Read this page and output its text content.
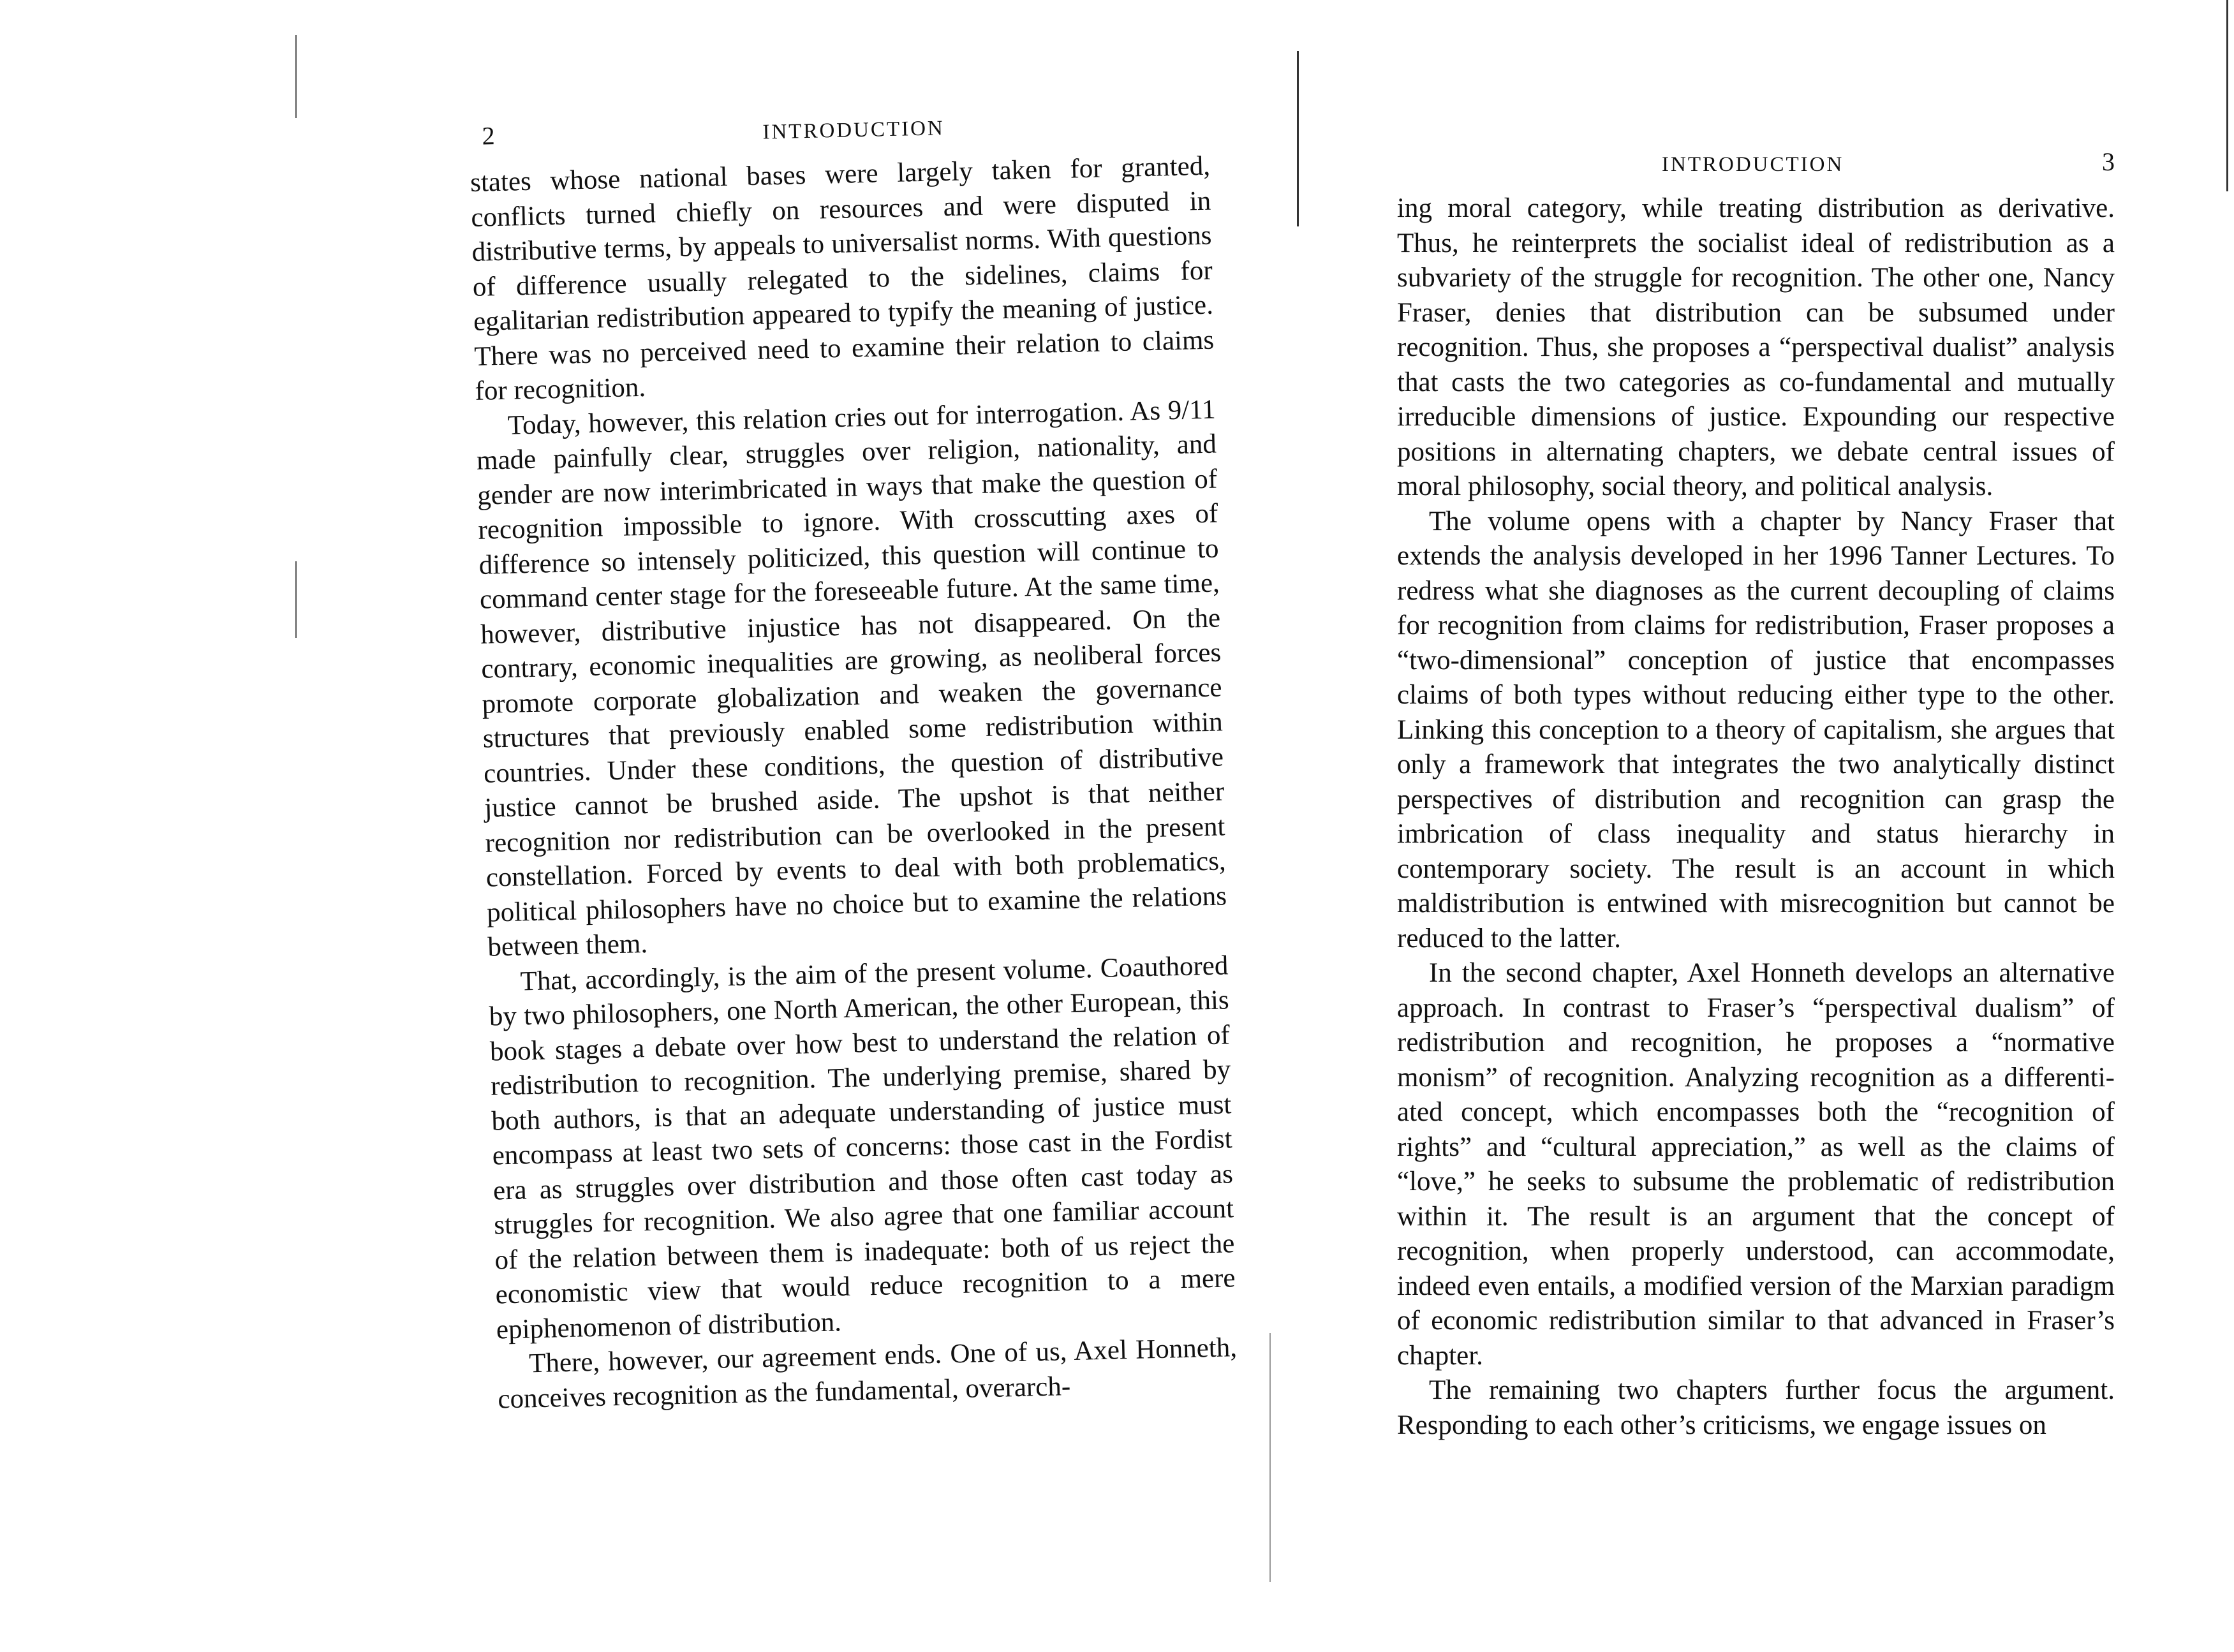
2	INTRODUCTION

states whose national bases were largely taken for granted, conflicts turned chiefly on resources and were disputed in distributive terms, by appeals to universalist norms. With questions of difference usually relegated to the sidelines, claims for egalitarian redistribution appeared to typify the meaning of justice. There was no perceived need to examine their relation to claims for recognition.

Today, however, this relation cries out for interrogation. As 9/11 made painfully clear, struggles over religion, nationality, and gender are now interimbricated in ways that make the question of recognition impossible to ignore. With crosscutting axes of difference so intensely politicized, this question will continue to command center stage for the foreseeable future. At the same time, however, distributive injustice has not disappeared. On the contrary, economic inequalities are growing, as neoliberal forces promote corporate globalization and weaken the governance structures that previously enabled some redistribution within countries. Under these conditions, the question of distributive justice cannot be brushed aside. The upshot is that neither recognition nor redistribution can be overlooked in the present constellation. Forced by events to deal with both problematics, political philosophers have no choice but to examine the relations between them.

That, accordingly, is the aim of the present volume. Coauthored by two philosophers, one North American, the other European, this book stages a debate over how best to understand the relation of redistribution to recognition. The underlying premise, shared by both authors, is that an adequate understanding of justice must encompass at least two sets of concerns: those cast in the Fordist era as struggles over distribution and those often cast today as struggles for recognition. We also agree that one familiar account of the relation between them is inadequate: both of us reject the economistic view that would reduce recognition to a mere epiphenomenon of distribution.

There, however, our agreement ends. One of us, Axel Honneth, conceives recognition as the fundamental, overarch-

INTRODUCTION	3

ing moral category, while treating distribution as derivative. Thus, he reinterprets the socialist ideal of redistribution as a subvariety of the struggle for recognition. The other one, Nancy Fraser, denies that distribution can be subsumed under recognition. Thus, she proposes a “perspectival dualist” analysis that casts the two categories as co-fundamental and mutually irreducible dimensions of justice. Expounding our respective positions in alternating chapters, we debate central issues of moral philosophy, social theory, and political analysis.

The volume opens with a chapter by Nancy Fraser that extends the analysis developed in her 1996 Tanner Lectures. To redress what she diagnoses as the current decoupling of claims for recognition from claims for redistribution, Fraser proposes a “two-dimensional” conception of justice that encompasses claims of both types without reducing either type to the other. Linking this conception to a theory of capitalism, she argues that only a framework that integrates the two analytically distinct perspectives of distribution and recognition can grasp the imbrication of class inequality and status hierarchy in contemporary society. The result is an account in which maldistribution is entwined with misrecognition but cannot be reduced to the latter.

In the second chapter, Axel Honneth develops an alternative approach. In contrast to Fraser’s “perspectival dualism” of redistribution and recognition, he proposes a “normative monism” of recognition. Analyzing recognition as a differentiated concept, which encompasses both the “recognition of rights” and “cultural appreciation,” as well as the claims of “love,” he seeks to subsume the problematic of redistribution within it. The result is an argument that the concept of recognition, when properly understood, can accommodate, indeed even entails, a modified version of the Marxian paradigm of economic redistribution similar to that advanced in Fraser’s chapter.

The remaining two chapters further focus the argument. Responding to each other’s criticisms, we engage issues on
